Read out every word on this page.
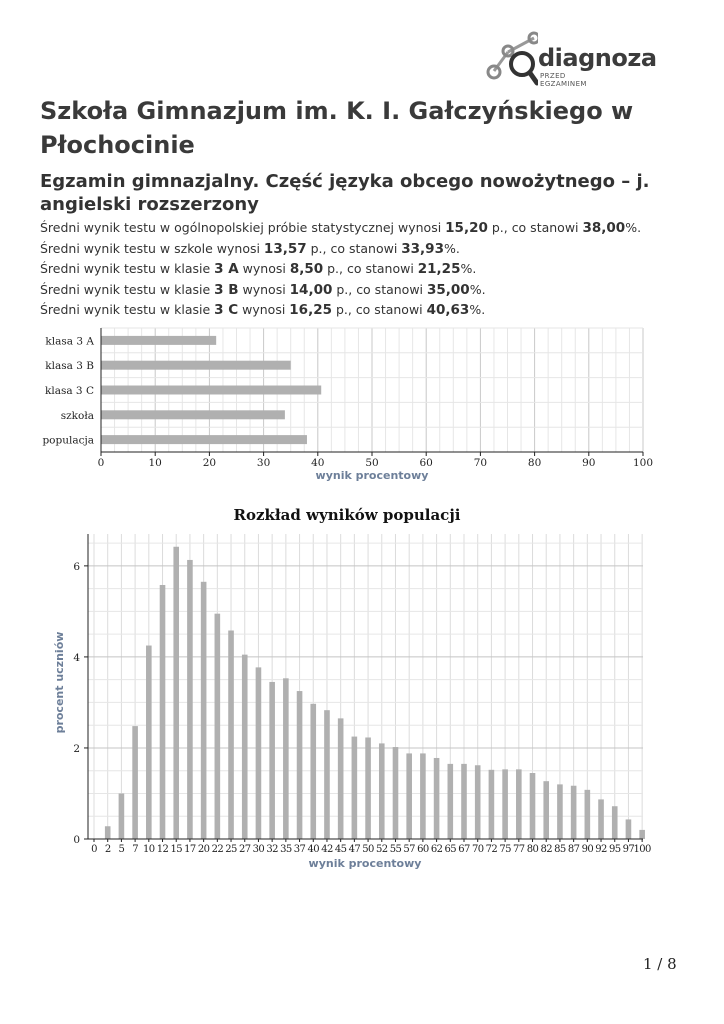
diagnoza
PRZED
EGZAMINEM
Szkoła Gimnazjum im. K. I. Gałczyńskiego w Płochocinie
Egzamin gimnazjalny. Część języka obcego nowożytnego – j. angielski rozszerzony
Średni wynik testu w ogólnopolskiej próbie statystycznej wynosi 15,20 p., co stanowi 38,00%.
Średni wynik testu w szkole wynosi 13,57 p., co stanowi 33,93%.
Średni wynik testu w klasie 3 A wynosi 8,50 p., co stanowi 21,25%.
Średni wynik testu w klasie 3 B wynosi 14,00 p., co stanowi 35,00%.
Średni wynik testu w klasie 3 C wynosi 16,25 p., co stanowi 40,63%.
klasa 3 A
klasa 3 B
klasa 3 C
szkoła
populacja
0	10	20	30	40	50	60	70	80	90	100
wynik procentowy
Rozkład wyników populacji
0
2
4
6
0 2 5 7 10 12 15 17 20 22 25 27 30 32 35 37 40 42 45 47 50 52 55 57 60 62 65 67 70 72 75 77 80 82 85 87 90 92 95 97 100
wynik procentowy
procent uczniów
1 / 8
